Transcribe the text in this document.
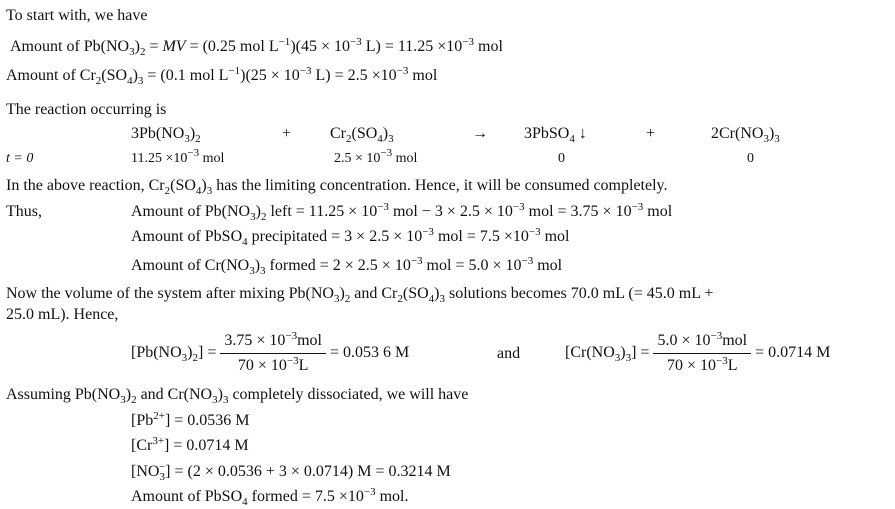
To start with, we have
Amount of $Pb(NO_3)_2$ = MV = (0.25 mol $L^{-1})(45 \times 10^{-3}$ $L) = 11.25 \times 10^{-3}$ mol
Amount of $Cr_2(SO_4)_3 = (0.1$ mol $L^{-1})(25 \times 10^{-3}$ $L) = 2.5 \times 10^{-3}$ mol
The reaction occurring is
$3Pb(NO_3)_2$	+ $Cr_2(SO_4)_3$	→ 3PbSO$_4$ ↓	+	$2Cr(NO_3)_3$
t = 0	$11.25 \times 10^{-3}$ mol	$2.5 \times 10^{-3}$ mol	0	0
In the above reaction, $Cr_2(SO_4)_3$ has the limiting concentration. Hence, it will be consumed completely.
Thus,	Amount of $Pb(NO_3)_2$ left = $11.25 \times 10^{-3}$ mol − $3 \times 2.5 \times 10^{-3}$ mol = $3.75 \times 10^{-3}$ mol
Amount of PbSO$_4$ precipitated = $3 \times 2.5 \times 10^{-3}$ mol = $7.5 \times 10^{-3}$ mol
Amount of $Cr(NO_3)_3$ formed = $2 \times 2.5 \times 10^{-3}$ mol = $5.0 \times 10^{-3}$ mol
Now the volume of the system after mixing $Pb(NO_3)_2$ and $Cr_2(SO_4)_3$ solutions becomes 70.0 mL (= 45.0 mL +
25.0 mL). Hence,
$[Pb(NO_3)_2] = \frac{3.75 \times 10^{-3}mol}{70 \times 10^{-3}L} = 0.053$ 6 M	and	$[Cr(NO_3)_3] = \frac{5.0 \times 10^{-3}mol}{70 \times 10^{-3}L} = 0.0714$ M
Assuming $Pb(NO_3)_2$ and $Cr(NO_3)_3$ completely dissociated, we will have
$[Pb^{2+}] = 0.0536$ M
$[Cr^{3+}] = 0.0714$ M
$[NO_3^-] = (2 \times 0.0536 + 3 \times 0.0714) M = 0.3214$ M
Amount of PbSO$_4$ formed = $7.5 \times 10^{-3}$ mol.
